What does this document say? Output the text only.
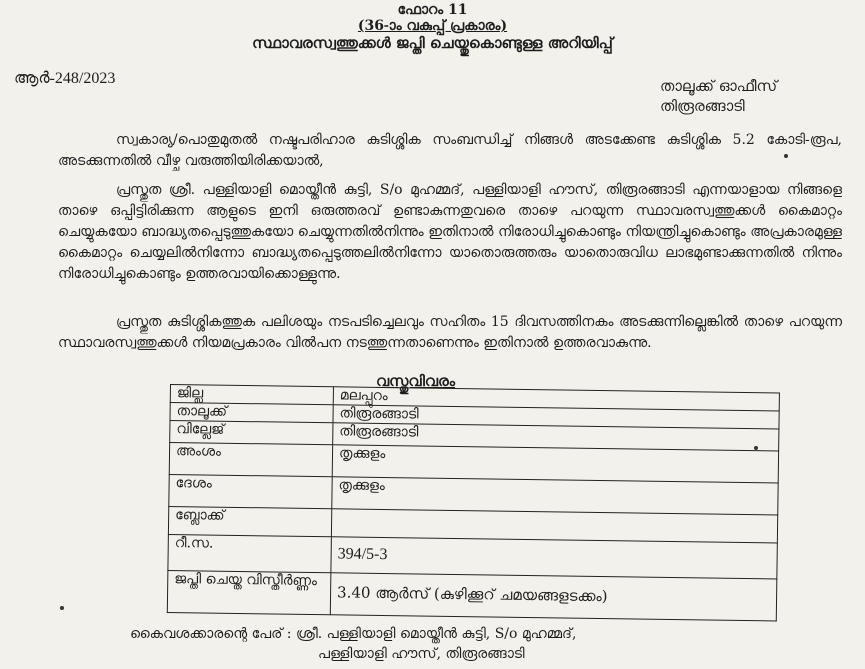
ഫോറം 11
(36-ാം വകുപ്പ് പ്രകാരം)
സ്ഥാവരസ്വത്തുക്കൾ ജപ്തി ചെയ്തുകൊണ്ടുള്ള അറിയിപ്പ്
ആർ-248/2023	താലൂക്ക് ഓഫീസ്
തിരൂരങ്ങാടി
സ്വകാര്യ/പൊതുമുതൽ നഷ്ടപരിഹാര കുടിശ്ശിക സംബന്ധിച്ച് നിങ്ങൾ അടക്കേണ്ട കുടിശ്ശിക 5.2 കോടി-രൂപ, അടക്കുന്നതിൽ വീഴ്ച വരുത്തിയിരിക്കയാൽ,
പ്രസ്തുത ശ്രീ. പള്ളിയാളി മൊയ്തീൻ കുട്ടി, S/o മുഹമ്മദ്, പള്ളിയാളി ഹൗസ്, തിരൂരങ്ങാടി എന്നയാളായ നിങ്ങളെ താഴെ ഒപ്പിട്ടിരിക്കുന്ന ആളുടെ ഇനി ഒരുത്തരവ് ഉണ്ടാകുന്നതുവരെ താഴെ പറയുന്ന സ്ഥാവരസ്വത്തുക്കൾ കൈമാറ്റം ചെയ്യുകയോ ബാദ്ധ്യതപ്പെടുത്തുകയോ ചെയ്യുന്നതിൽനിന്നും ഇതിനാൽ നിരോധിച്ചുകൊണ്ടും നിയന്ത്രിച്ചുകൊണ്ടും അപ്രകാരമുള്ള കൈമാറ്റം ചെയ്യലിൽനിന്നോ ബാദ്ധ്യതപ്പെടുത്തലിൽനിന്നോ യാതൊരുത്തരും യാതൊരുവിധ ലാഭമുണ്ടാക്കുന്നതിൽ നിന്നും നിരോധിച്ചുകൊണ്ടും ഉത്തരവായിക്കൊള്ളുന്നു.
പ്രസ്തുത കുടിശ്ശികത്തുക പലിശയും നടപടിച്ചെലവും സഹിതം 15 ദിവസത്തിനകം അടക്കുന്നില്ലെങ്കിൽ താഴെ പറയുന്ന സ്ഥാവരസ്വത്തുക്കൾ നിയമപ്രകാരം വിൽപന നടത്തുന്നതാണെന്നും ഇതിനാൽ ഉത്തരവാകുന്നു.
വസ്തുവിവരം
ജില്ല	മലപ്പുറം
താലൂക്ക്	തിരൂരങ്ങാടി
വില്ലേജ്	തിരൂരങ്ങാടി
അംശം	തൃക്കുളം
ദേശം	തൃക്കുളം
ബ്ലോക്ക്	
റീ.സ.	394/5-3
ജപ്തി ചെയ്ത വിസ്തീർണ്ണം	3.40 ആർസ് (കുഴിക്കൂറ് ചമയങ്ങളടക്കം)
കൈവശക്കാരന്റെ പേര് : ശ്രീ. പള്ളിയാളി മൊയ്തീൻ കുട്ടി, S/o മുഹമ്മദ്,
പള്ളിയാളി ഹൗസ്, തിരൂരങ്ങാടി
